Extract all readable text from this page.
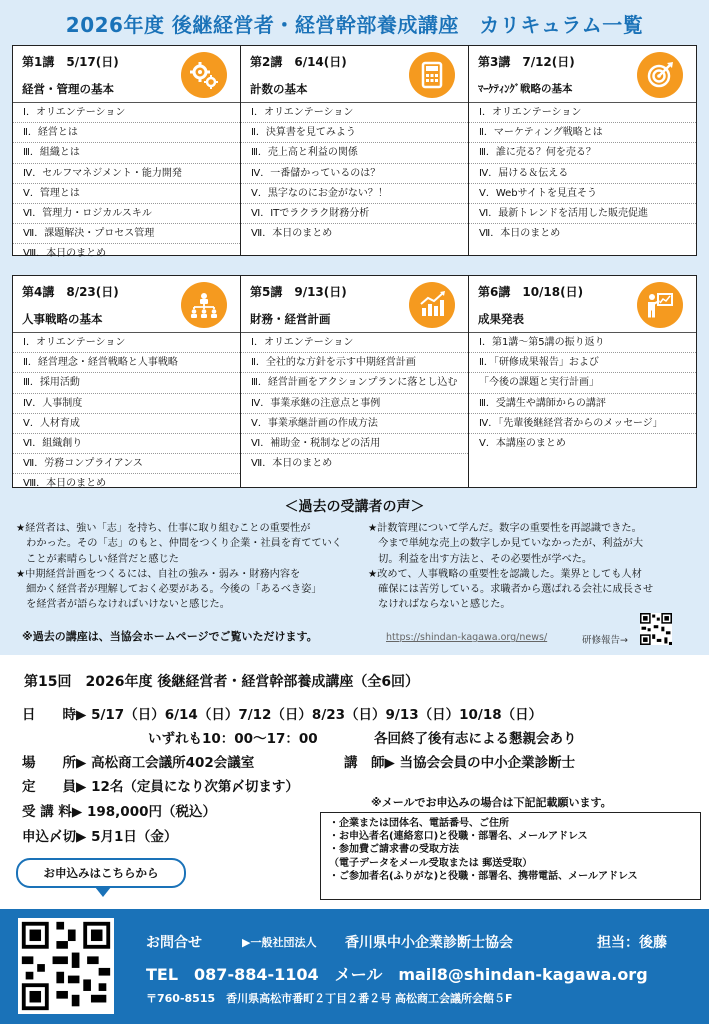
2026年度 後継経営者・経営幹部養成講座　カリキュラム一覧
第1講　5/17(日)
経営・管理の基本
Ⅰ．オリエンテーション
Ⅱ．経営とは
Ⅲ．組織とは
Ⅳ．セルフマネジメント・能力開発
Ⅴ．管理とは
Ⅵ．管理力・ロジカルスキル
Ⅶ．課題解決・プロセス管理
Ⅷ．本日のまとめ
第2講　6/14(日)
計数の基本
Ⅰ．オリエンテーション
Ⅱ．決算書を見てみよう
Ⅲ．売上高と利益の関係
Ⅳ．一番儲かっているのは？
Ⅴ．黒字なのにお金がない？！
Ⅵ．ITでラクラク財務分析
Ⅶ．本日のまとめ
第3講　7/12(日)
ﾏｰｹﾃｨﾝｸﾞ戦略の基本
Ⅰ．オリエンテーション
Ⅱ．マーケティング戦略とは
Ⅲ．誰に売る？何を売る？
Ⅳ．届ける＆伝える
Ⅴ．Webサイトを見直そう
Ⅵ．最新トレンドを活用した販売促進
Ⅶ．本日のまとめ
第4講　8/23(日)
人事戦略の基本
Ⅰ．オリエンテーション
Ⅱ．経営理念・経営戦略と人事戦略
Ⅲ．採用活動
Ⅳ．人事制度
Ⅴ．人材育成
Ⅵ．組織創り
Ⅶ．労務コンプライアンス
Ⅷ．本日のまとめ
第5講　9/13(日)
財務・経営計画
Ⅰ．オリエンテーション
Ⅱ．全社的な方針を示す中期経営計画
Ⅲ．経営計画をアクションプランに落とし込む
Ⅳ．事業承継の注意点と事例
Ⅴ．事業承継計画の作成方法
Ⅵ．補助金・税制などの活用
Ⅶ．本日のまとめ
第6講　10/18(日)
成果発表
Ⅰ．第1講～第5講の振り返り
Ⅱ．「研修成果報告」および
「今後の課題と実行計画」
Ⅲ．受講生や講師からの講評
Ⅳ．「先輩後継経営者からのメッセージ」
Ⅴ．本講座のまとめ
＜過去の受講者の声＞
★経営者は、強い「志」を持ち、仕事に取り組むことの重要性が
　わかった。その「志」のもと、仲間をつくり企業・社員を育てていく
　ことが素晴らしい経営だと感じた
★中期経営計画をつくるには、自社の強み・弱み・財務内容を
　細かく経営者が理解しておく必要がある。今後の「あるべき姿」
　を経営者が語らなければいけないと感じた。
★計数管理について学んだ。数字の重要性を再認識できた。
　今まで単純な売上の数字しか見ていなかったが、利益が大
　切。利益を出す方法と、その必要性が学べた。
★改めて、人事戦略の重要性を認識した。業界としても人材
　確保には苦労している。求職者から選ばれる会社に成長させ
　なければならないと感じた。
※過去の講座は、当協会ホームページでご覧いただけます。	https://shindan-kagawa.org/news/	研修報告→
第15回　2026年度 後継経営者・経営幹部養成講座（全6回）
日　　時▶ 5/17（日）6/14（日）7/12（日）8/23（日）9/13（日）10/18（日）
いずれも10：00～17：00	各回終了後有志による懇親会あり
場　　所▶ 高松商工会議所402会議室	講　師▶ 当協会会員の中小企業診断士
定　　員▶ 12名（定員になり次第〆切ます）
受 講 料▶ 198,000円（税込）
申込〆切▶ 5月1日（金）
※メールでお申込みの場合は下記記載願います。
・企業または団体名、電話番号、ご住所
・お申込者名(連絡窓口)と役職・部署名、メールアドレス
・参加費ご請求書の受取方法
（電子データをメール受取または 郵送受取）
・ご参加者名(ふりがな)と役職・部署名、携帯電話、メールアドレス
お申込みはこちらから
お問合せ	▶一般社団法人 香川県中小企業診断士協会	担当：後藤
TEL　087-884-1104　メール　mail8@shindan-kagawa.org
〒760-8515　香川県高松市番町２丁目２番２号 高松商工会議所会館５F
